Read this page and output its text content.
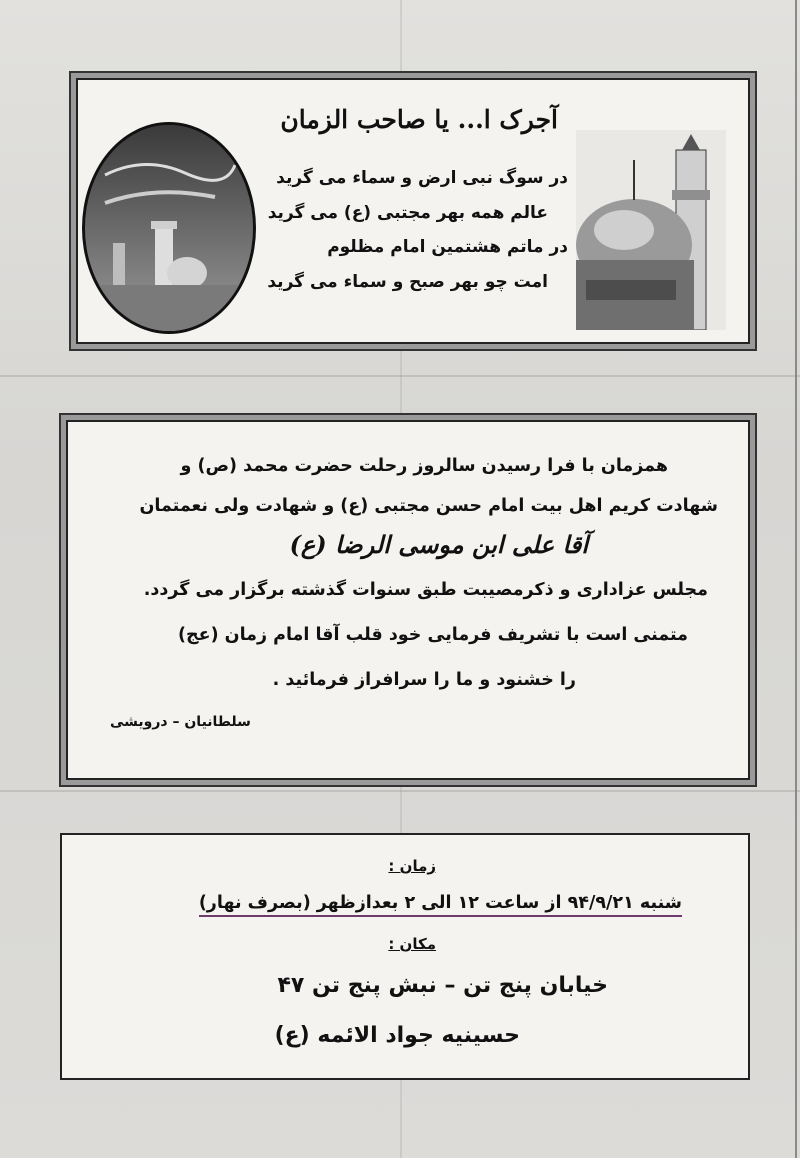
آجرک ا... یا صاحب الزمان
در سوگ نبی ارض و سماء می گرید
عالم همه بهر مجتبی (ع) می گرید
در ماتم هشتمین امام مظلوم
امت چو بهر صبح و سماء می گرید
همزمان با فرا رسیدن سالروز رحلت حضرت محمد (ص) و
شهادت کریم اهل بیت امام حسن مجتبی (ع) و شهادت ولی نعمتمان
آقا علی ابن موسی الرضا (ع)
مجلس عزاداری و ذکرمصیبت طبق سنوات گذشته برگزار می گردد.
متمنی است با تشریف فرمایی خود قلب آقا امام زمان (عج)
را خشنود و ما را سرافراز فرمائید .
سلطانیان – درویشی
زمان :
شنبه ۹۴/۹/۲۱ از ساعت ۱۲ الی ۲ بعدازظهر (بصرف نهار)
مکان :
خیابان پنج تن – نبش پنج تن ۴۷
حسینیه جواد الائمه (ع)
